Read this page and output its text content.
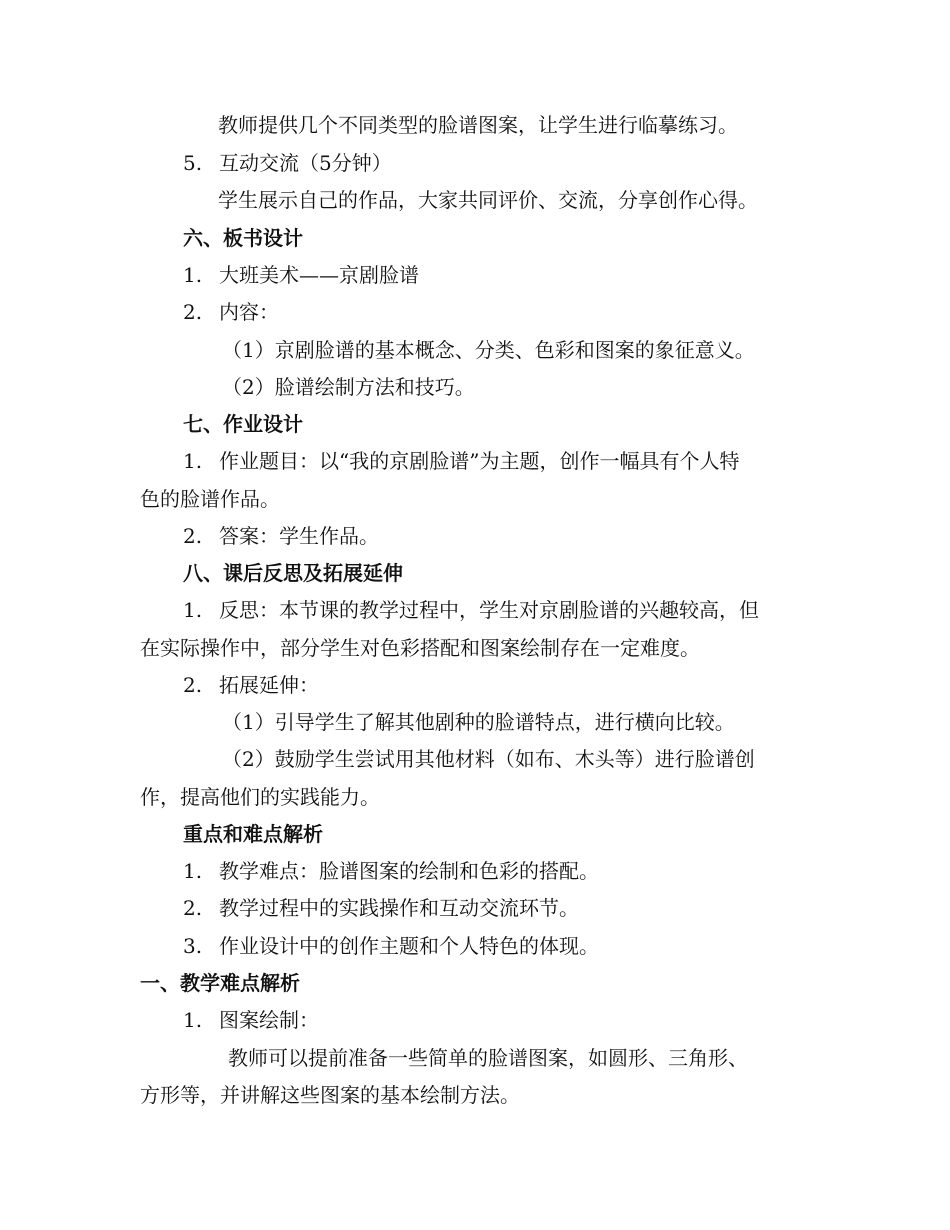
教师提供几个不同类型的脸谱图案，让学生进行临摹练习。
5. 互动交流（5分钟）
学生展示自己的作品，大家共同评价、交流，分享创作心得。
六、板书设计
1. 大班美术——京剧脸谱
2. 内容：
（1）京剧脸谱的基本概念、分类、色彩和图案的象征意义。
（2）脸谱绘制方法和技巧。
七、作业设计
1. 作业题目：以“我的京剧脸谱”为主题，创作一幅具有个人特
色的脸谱作品。
2. 答案：学生作品。
八、课后反思及拓展延伸
1. 反思：本节课的教学过程中，学生对京剧脸谱的兴趣较高，但
在实际操作中，部分学生对色彩搭配和图案绘制存在一定难度。
2. 拓展延伸：
（1）引导学生了解其他剧种的脸谱特点，进行横向比较。
（2）鼓励学生尝试用其他材料（如布、木头等）进行脸谱创
作，提高他们的实践能力。
重点和难点解析
1. 教学难点：脸谱图案的绘制和色彩的搭配。
2. 教学过程中的实践操作和互动交流环节。
3. 作业设计中的创作主题和个人特色的体现。
一、教学难点解析
1. 图案绘制：
教师可以提前准备一些简单的脸谱图案，如圆形、三角形、
方形等，并讲解这些图案的基本绘制方法。
